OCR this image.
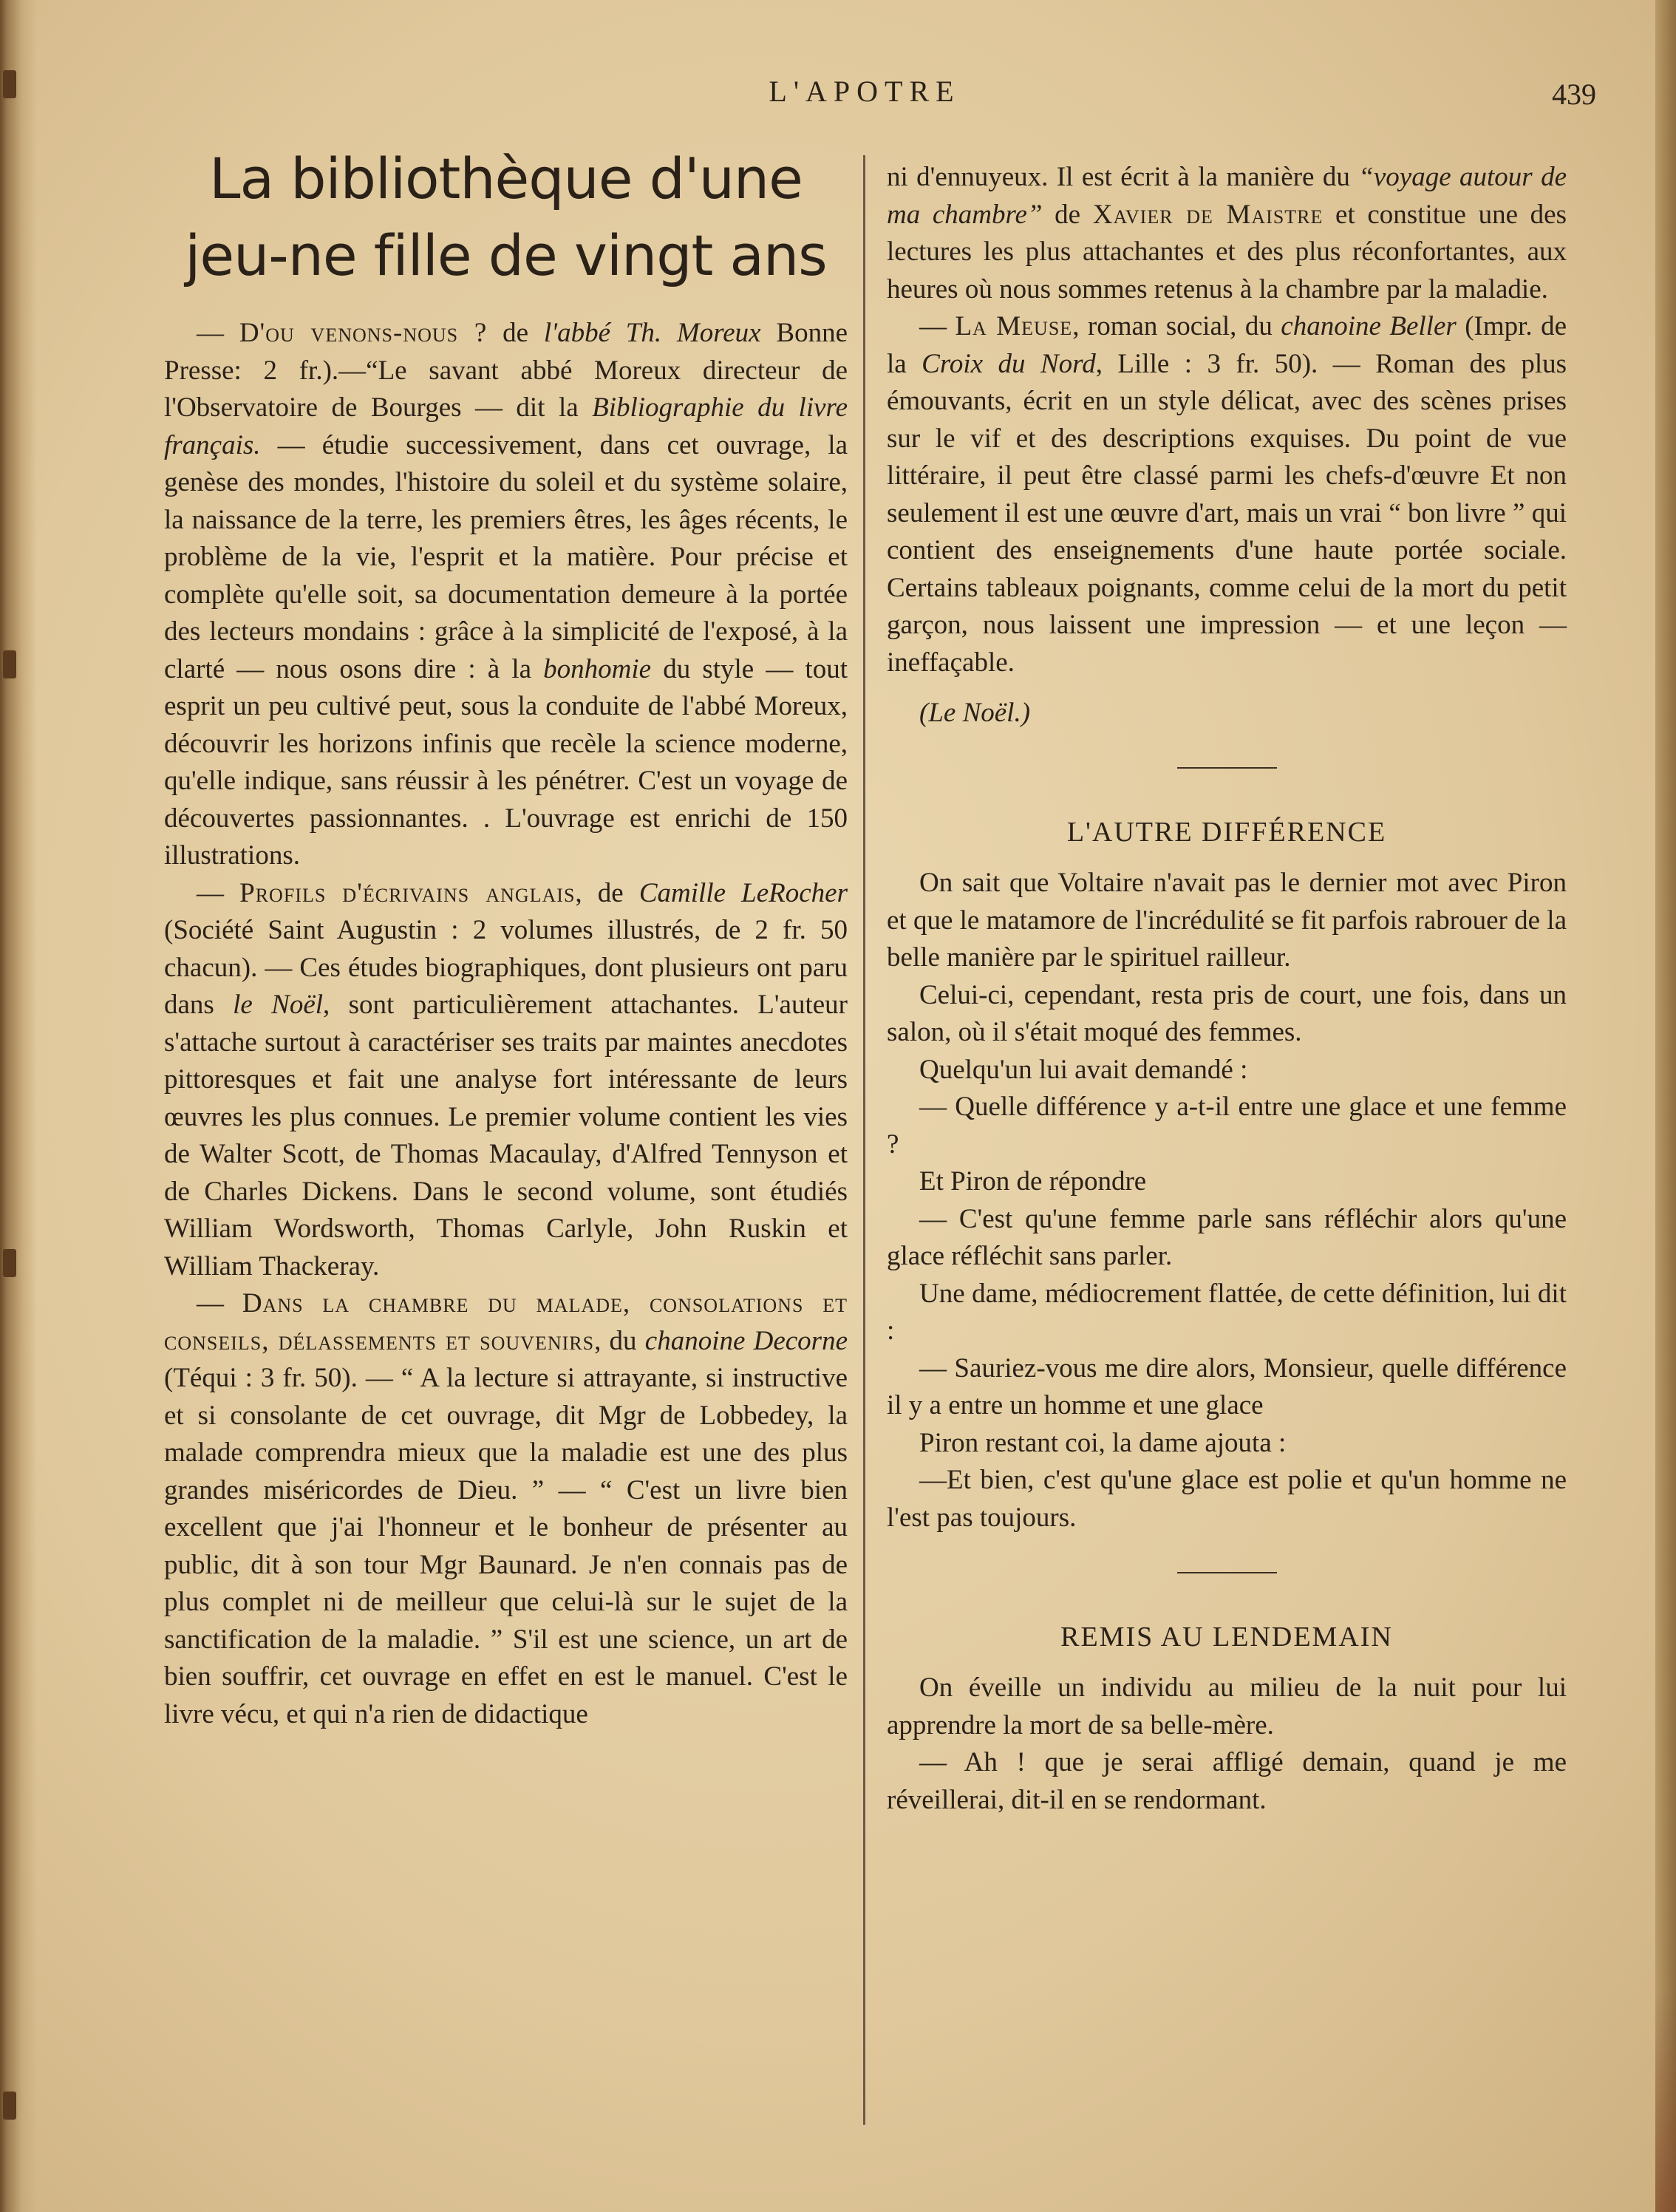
L'APOTRE	439
La bibliothèque d'une jeu-ne fille de vingt ans

— D'ou venons-nous ? de l'abbé Th. Moreux Bonne Presse: 2 fr.).—“Le savant abbé Moreux directeur de l'Observatoire de Bourges — dit la Bibliographie du livre français. — étudie successivement, dans cet ouvrage, la genèse des mondes, l'histoire du soleil et du système solaire, la naissance de la terre, les premiers êtres, les âges récents, le problème de la vie, l'esprit et la matière. Pour précise et complète qu'elle soit, sa documentation demeure à la portée des lecteurs mondains : grâce à la simplicité de l'exposé, à la clarté — nous osons dire : à la bonhomie du style — tout esprit un peu cultivé peut, sous la conduite de l'abbé Moreux, découvrir les horizons infinis que recèle la science moderne, qu'elle indique, sans réussir à les pénétrer. C'est un voyage de découvertes passionnantes. . L'ouvrage est enrichi de 150 illustrations.

— Profils d'écrivains anglais, de Camille LeRocher (Société Saint Augustin : 2 volumes illustrés, de 2 fr. 50 chacun). — Ces études biographiques, dont plusieurs ont paru dans le Noël, sont particulièrement attachantes. L'auteur s'attache surtout à caractériser ses traits par maintes anecdotes pittoresques et fait une analyse fort intéressante de leurs œuvres les plus connues. Le premier volume contient les vies de Walter Scott, de Thomas Macaulay, d'Alfred Tennyson et de Charles Dickens. Dans le second volume, sont étudiés William Wordsworth, Thomas Carlyle, John Ruskin et William Thackeray.

— Dans la chambre du malade, consolations et conseils, délassements et souvenirs, du chanoine Decorne (Téqui : 3 fr. 50). — “ A la lecture si attrayante, si instructive et si consolante de cet ouvrage, dit Mgr de Lobbedey, la malade comprendra mieux que la maladie est une des plus grandes miséricordes de Dieu. ” — “ C'est un livre bien excellent que j'ai l'honneur et le bonheur de présenter au public, dit à son tour Mgr Baunard. Je n'en connais pas de plus complet ni de meilleur que celui-là sur le sujet de la sanctification de la maladie. ” S'il est une science, un art de bien souffrir, cet ouvrage en effet en est le manuel. C'est le livre vécu, et qui n'a rien de didactique

ni d'ennuyeux. Il est écrit à la manière du “voyage autour de ma chambre” de Xavier de Maistre et constitue une des lectures les plus attachantes et des plus réconfortantes, aux heures où nous sommes retenus à la chambre par la maladie.

— La Meuse, roman social, du chanoine Beller (Impr. de la Croix du Nord, Lille : 3 fr. 50). — Roman des plus émouvants, écrit en un style délicat, avec des scènes prises sur le vif et des descriptions exquises. Du point de vue littéraire, il peut être classé parmi les chefs-d'œuvre Et non seulement il est une œuvre d'art, mais un vrai “ bon livre ” qui contient des enseignements d'une haute portée sociale. Certains tableaux poignants, comme celui de la mort du petit garçon, nous laissent une impression — et une leçon — ineffaçable.

(Le Noël.)

L'AUTRE DIFFÉRENCE

On sait que Voltaire n'avait pas le dernier mot avec Piron et que le matamore de l'incrédulité se fit parfois rabrouer de la belle manière par le spirituel railleur.

Celui-ci, cependant, resta pris de court, une fois, dans un salon, où il s'était moqué des femmes.

Quelqu'un lui avait demandé :

— Quelle différence y a-t-il entre une glace et une femme ?

Et Piron de répondre

— C'est qu'une femme parle sans réfléchir alors qu'une glace réfléchit sans parler.

Une dame, médiocrement flattée, de cette définition, lui dit :

— Sauriez-vous me dire alors, Monsieur, quelle différence il y a entre un homme et une glace

Piron restant coi, la dame ajouta :

—Et bien, c'est qu'une glace est polie et qu'un homme ne l'est pas toujours.

REMIS AU LENDEMAIN

On éveille un individu au milieu de la nuit pour lui apprendre la mort de sa belle-mère.

— Ah ! que je serai affligé demain, quand je me réveillerai, dit-il en se rendormant.
